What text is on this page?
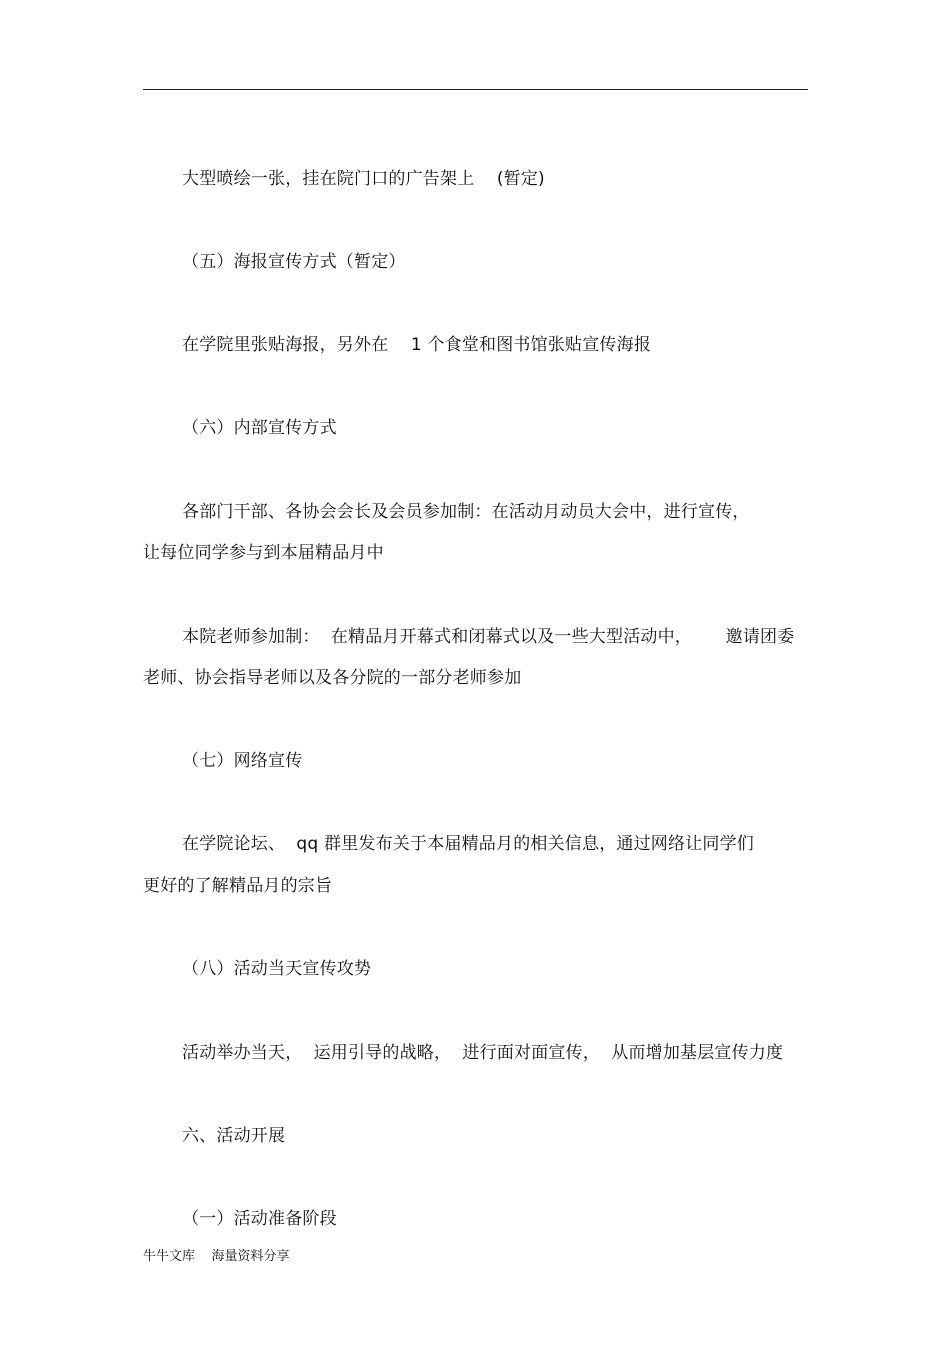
大型喷绘一张，挂在院门口的广告架上    (暂定)
（五）海报宣传方式（暂定）
在学院里张贴海报，另外在    1 个食堂和图书馆张贴宣传海报
（六）内部宣传方式
各部门干部、各协会会长及会员参加制：在活动月动员大会中，进行宣传，
让每位同学参与到本届精品月中
本院老师参加制：  在精品月开幕式和闭幕式以及一些大型活动中，      邀请团委
老师、协会指导老师以及各分院的一部分老师参加
（七）网络宣传
在学院论坛、  qq 群里发布关于本届精品月的相关信息，通过网络让同学们
更好的了解精品月的宗旨
（八）活动当天宣传攻势
活动举办当天，  运用引导的战略，  进行面对面宣传，  从而增加基层宣传力度
六、活动开展
（一）活动准备阶段
牛牛文库    海量资料分享
